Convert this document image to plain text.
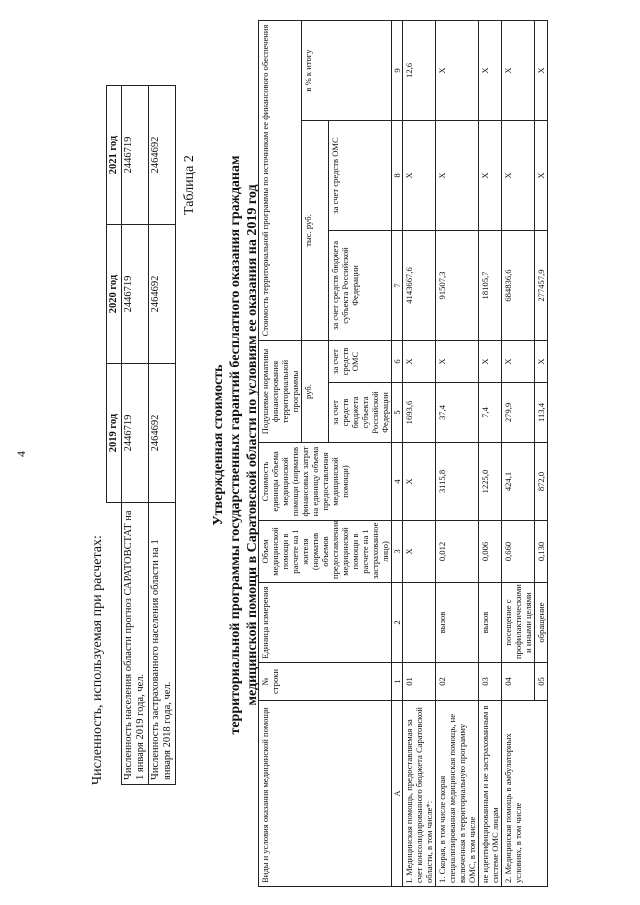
4
Численность, используемая при расчетах:
	2019 год	2020 год	2021 год
Численность населения области прогноз САРАТОВСТАТ на 1 января 2019 года, чел.	2446719	2446719	2446719
Численность застрахованного населения области на 1 января 2018 года, чел.	2464692	2464692	2464692
Таблица 2
Утвержденная стоимость территориальной программы государственных гарантий бесплатного оказания гражданам медицинской помощи в Саратовской области по условиям ее оказания на 2019 год
Виды и условия оказания медицинской помощи	№ строки	Единица измерения	Объем медицинской помощи в расчете на 1 жителя (норматив объемов предоставления медицинской помощи в расчете на 1 застрахованное лицо)	Стоимость единицы объема медицинской помощи (норматив финансовых затрат на единицу объема предоставления медицинской помощи)	Подушевые нормативы финансирования территориальной программы		Стоимость территориальной программы по источникам ее финансового обеспечения		
					руб.		тыс. руб.		в % к итогу
					за счет средств бюджета субъекта Российской Федерации	за счет средств ОМС	за счет средств бюджета субъекта Российской Федерации	за счет средств ОМС	
А	1	2	3	4	5	6	7	8	9
I. Медицинская помощь, предоставляемая за счет консолидированного бюджета Саратовской области, в том числе*:	01		Х	Х	1693,6	Х	4143667,6	Х	12,6
1. Скорая, в том числе скорая специализированная медицинская помощь, не включенная в территориальную программу ОМС, в том числе	02	вызов	0,012	3115,8	37,4	Х	91507,3	Х	Х
не идентифицированным и не застрахованным в системе ОМС лицам	03	вызов	0,006	1225,0	7,4	Х	18105,7	Х	Х
2. Медицинская помощь в амбулаторных условиях, в том числе	04	посещение с профилактическими и иными целями	0,660	424,1	279,9	Х	684836,6	Х	Х
	05	обращение	0,130	872,0	113,4	Х	277457,9	Х	Х
